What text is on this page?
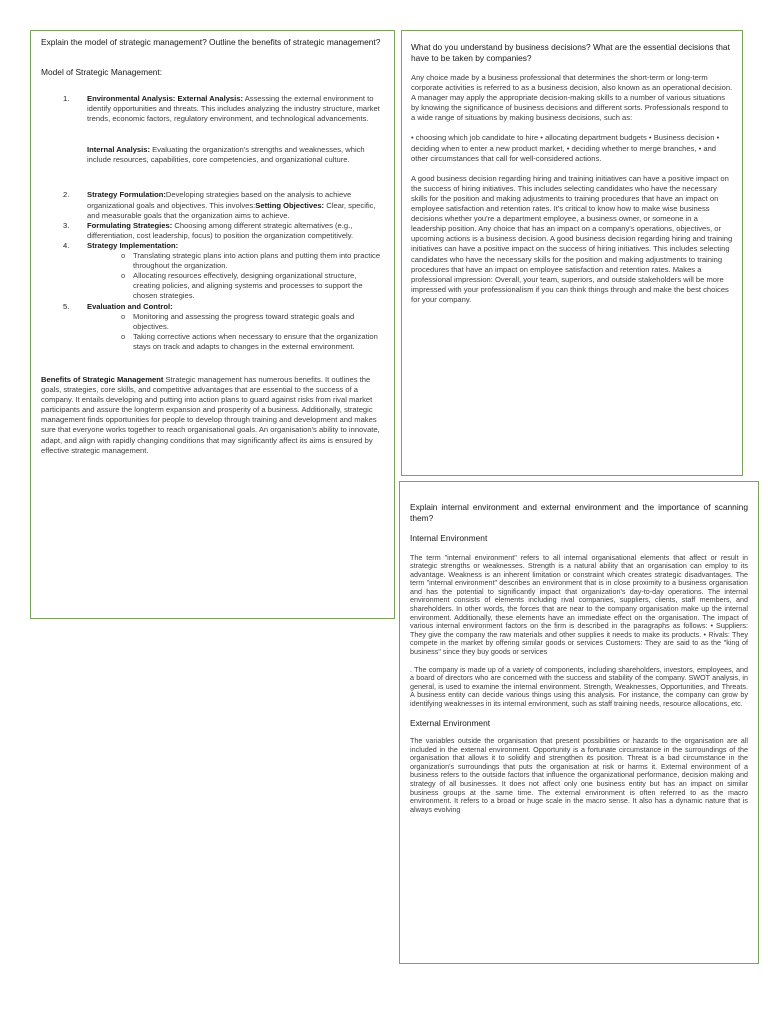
Explain the model of strategic management? Outline the benefits of strategic management?

Model of Strategic Management:

1. Environmental Analysis: External Analysis: Assessing the external environment to identify opportunities and threats. This includes analyzing the industry structure, market trends, economic factors, regulatory environment, and technological advancements.
Internal Analysis: Evaluating the organization's strengths and weaknesses, which include resources, capabilities, core competencies, and organizational culture.
2. Strategy Formulation:Developing strategies based on the analysis to achieve organizational goals and objectives. This involves:Setting Objectives: Clear, specific, and measurable goals that the organization aims to achieve.
3. Formulating Strategies: Choosing among different strategic alternatives (e.g., differentiation, cost leadership, focus) to position the organization competitively.
4. Strategy Implementation:
o Translating strategic plans into action plans and putting them into practice throughout the organization.
o Allocating resources effectively, designing organizational structure, creating policies, and aligning systems and processes to support the chosen strategies.
5. Evaluation and Control:
o Monitoring and assessing the progress toward strategic goals and objectives.
o Taking corrective actions when necessary to ensure that the organization stays on track and adapts to changes in the external environment.

Benefits of Strategic Management Strategic management has numerous benefits. It outlines the goals, strategies, core skills, and competitive advantages that are essential to the success of a company. It entails developing and putting into action plans to guard against risks from rival market participants and assure the longterm expansion and prosperity of a business. Additionally, strategic management finds opportunities for people to develop through training and development and makes sure that everyone works together to reach organisational goals. An organisation's ability to innovate, adapt, and align with rapidly changing conditions that may significantly affect its aims is ensured by effective strategic management.

What do you understand by business decisions? What are the essential decisions that have to be taken by companies?

Any choice made by a business professional that determines the short-term or long-term corporate activities is referred to as a business decision, also known as an operational decision. A manager may apply the appropriate decision-making skills to a number of various situations by knowing the significance of business decisions and different sorts. Professionals respond to a wide range of situations by making business decisions, such as:

• choosing which job candidate to hire • allocating department budgets • Business decision • deciding when to enter a new product market, • deciding whether to merge branches, • and other circumstances that call for well-considered actions.

A good business decision regarding hiring and training initiatives can have a positive impact on the success of hiring initiatives. This includes selecting candidates who have the necessary skills for the position and making adjustments to training procedures that have an impact on employee satisfaction and retention rates. It's critical to know how to make wise business decisions whether you're a department employee, a business owner, or someone in a leadership position. Any choice that has an impact on a company's operations, objectives, or upcoming actions is a business decision. A good business decision regarding hiring and training initiatives can have a positive impact on the success of hiring initiatives. This includes selecting candidates who have the necessary skills for the position and making adjustments to training procedures that have an impact on employee satisfaction and retention rates. Makes a professional impression: Overall, your team, superiors, and outside stakeholders will be more impressed with your professionalism if you can think things through and make the best choices for your company.

Explain internal environment and external environment and the importance of scanning them?

Internal Environment

The term "internal environment" refers to all internal organisational elements that affect or result in strategic strengths or weaknesses. Strength is a natural ability that an organisation can employ to its advantage. Weakness is an inherent limitation or constraint which creates strategic disadvantages. The term "internal environment" describes an environment that is in close proximity to a business organisation and has the potential to significantly impact that organization's day-to-day operations. The internal environment consists of elements including rival companies, suppliers, clients, staff members, and shareholders. In other words, the forces that are near to the company organisation make up the internal environment. Additionally, these elements have an immediate effect on the organisation. The impact of various internal environment factors on the firm is described in the paragraphs as follows: • Suppliers: They give the company the raw materials and other supplies it needs to make its products. • Rivals: They compete in the market by offering similar goods or services Customers: They are said to as the "king of business" since they buy goods or services

. The company is made up of a variety of components, including shareholders, investors, employees, and a board of directors who are concerned with the success and stability of the company. SWOT analysis, in general, is used to examine the internal environment. Strength, Weaknesses, Opportunities, and Threats. A business entity can decide various things using this analysis. For instance, the company can grow by identifying weaknesses in its internal environment, such as staff training needs, resource allocations, etc.

External Environment

The variables outside the organisation that present possibilities or hazards to the organisation are all included in the external environment. Opportunity is a fortunate circumstance in the surroundings of the organisation that allows it to solidify and strengthen its position. Threat is a bad circumstance in the organization's surroundings that puts the organisation at risk or harms it. External environment of a business refers to the outside factors that influence the organizational performance, decision making and strategy of all businesses. It does not affect only one business entity but has an impact on similar business groups at the same time. The external environment is often referred to as the macro environment. It refers to a broad or huge scale in the macro sense. It also has a dynamic nature that is always evolving
